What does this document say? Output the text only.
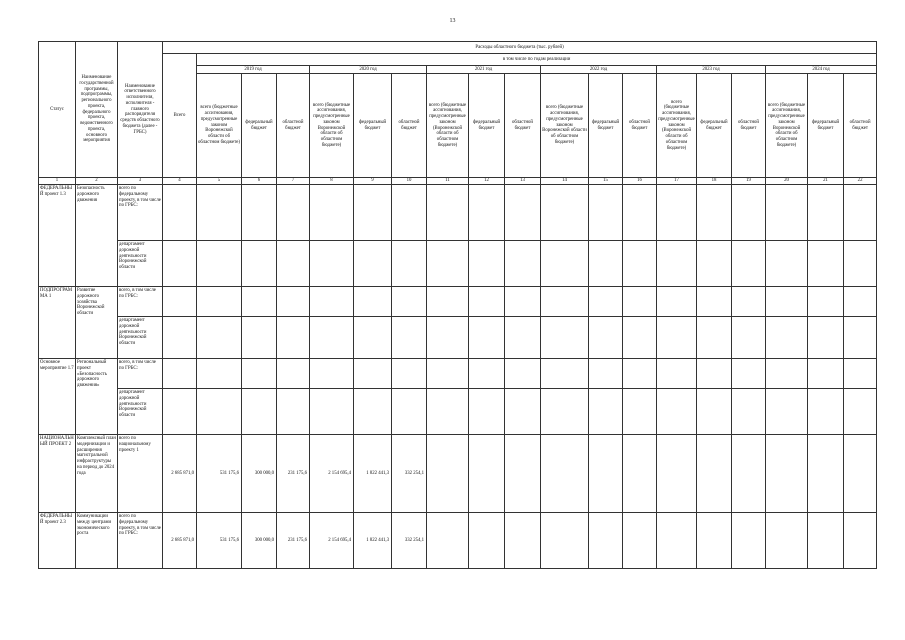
13
Статус	Наименование государственной программы, подпрограммы, регионального проекта, федерального проекта, ведомственного проекта, основного мероприятия	Наименование ответственного исполнителя, исполнителя - главного распорядителя средств областного бюджета (далее - ГРБС)	Расходы областного бюджета (тыс. рублей)																		
			Всего	в том числе по годам реализации																	
				2019 год			2020 год			2021 год			2022 год			2023 год			2024 год		
				всего (бюджетные ассигнования, предусмотренные законом Воронежской области об областном бюджете)	федеральный бюджет	областной бюджет	всего (бюджетные ассигнования, предусмотренные законом Воронежской области об областном бюджете)	федеральный бюджет	областной бюджет	всего (бюджетные ассигнования, предусмотренные законом (Воронежской области об областном бюджете)	федеральный бюджет	областной бюджет	всего (бюджетные ассигнования, предусмотренные законом Воронежской области об областном бюджете)	федеральный бюджет	областной бюджет	всего (бюджетные ассигнования, предусмотренные законом (Воронежской области об областном бюджете)	федеральный бюджет	областной бюджет	всего (бюджетные ассигнования, предусмотренные законом Воронежской области об областном бюджете)	федеральный бюджет	областной бюджет
1	2	3	4	5	6	7	8	9	10	11	12	13	14	15	16	17	18	19	20	21	22
ФЕДЕРАЛЬНЫЙ проект 1.3	Безопасность дорожного движения	всего по федеральному проекту, в том числе по ГРБС:																			
		департамент дорожной деятельности Воронежской области																			
ПОДПРОГРАММА 1	Развитие дорожного хозяйства Воронежской области	всего, в том числе по ГРБС:																			
		департамент дорожной деятельности Воронежской области																			
Основное мероприятие 1.7	Региональный проект «Безопасность дорожного движения»	всего, в том числе по ГРБС:																			
		департамент дорожной деятельности Воронежской области																			
НАЦИОНАЛЬНЫЙ ПРОЕКТ 2	Комплексный план модернизации и расширения магистральной инфраструктуры на период до 2024 года	всего по национальному проекту 1	2 685 871,0	531 175,6	300 000,0	231 175,6	2 154 695,4	1 822 441,3	332 254,1												
ФЕДЕРАЛЬНЫЙ проект 2.3	Коммуникации между центрами экономического роста	всего по федеральному проекту, в том числе по ГРБС:	2 685 871,0	531 175,6	300 000,0	231 175,6	2 154 695,4	1 822 441,3	332 254,1												
